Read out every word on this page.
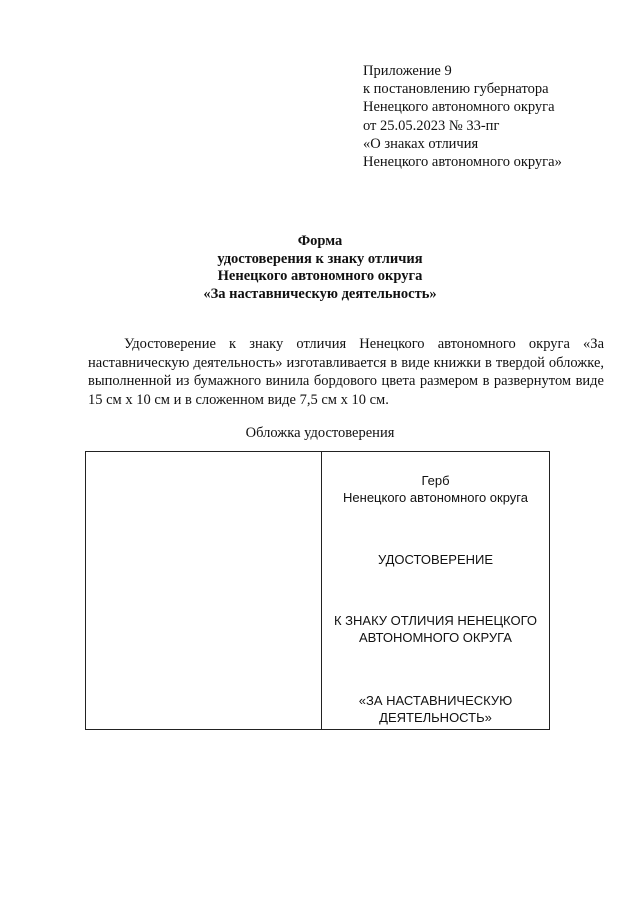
Приложение 9
к постановлению губернатора
Ненецкого автономного округа
от 25.05.2023 № 33-пг
«О знаках отличия
Ненецкого автономного округа»
Форма
удостоверения к знаку отличия
Ненецкого автономного округа
«За наставническую деятельность»
Удостоверение к знаку отличия Ненецкого автономного округа «За наставническую деятельность» изготавливается в виде книжки в твердой обложке, выполненной из бумажного винила бордового цвета размером в развернутом виде 15 см х 10 см и в сложенном виде 7,5 см х 10 см.
Обложка удостоверения
Герб
Ненецкого автономного округа
УДОСТОВЕРЕНИЕ
К ЗНАКУ ОТЛИЧИЯ НЕНЕЦКОГО
АВТОНОМНОГО ОКРУГА
«ЗА НАСТАВНИЧЕСКУЮ
ДЕЯТЕЛЬНОСТЬ»
